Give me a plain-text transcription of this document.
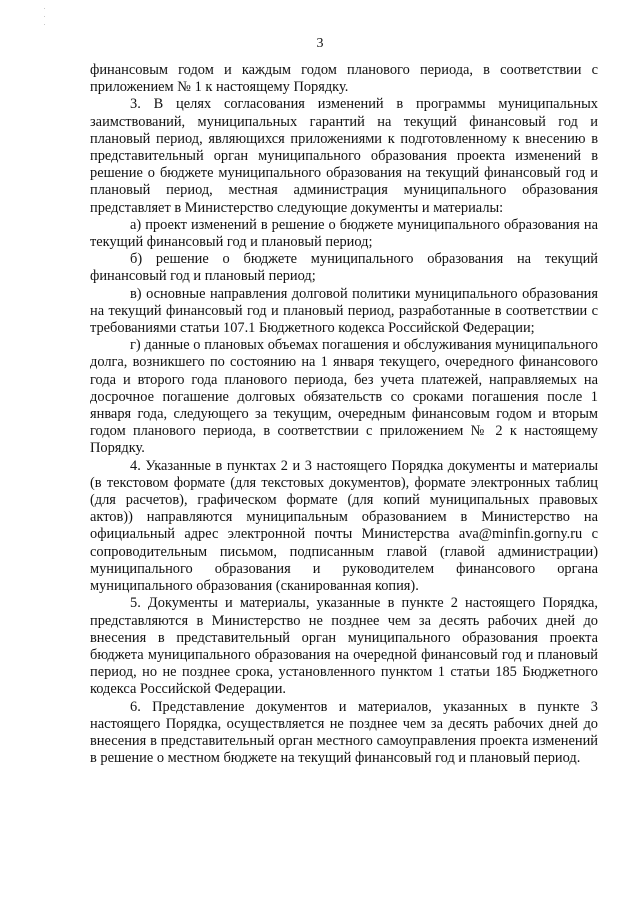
3

финансовым годом и каждым годом планового периода, в соответствии с приложением № 1 к настоящему Порядку.

3. В целях согласования изменений в программы муниципальных заимствований, муниципальных гарантий на текущий финансовый год и плановый период, являющихся приложениями к подготовленному к внесению в представительный орган муниципального образования проекта изменений в решение о бюджете муниципального образования на текущий финансовый год и плановый период, местная администрация муниципального образования представляет в Министерство следующие документы и материалы:

а) проект изменений в решение о бюджете муниципального образования на текущий финансовый год и плановый период;

б) решение о бюджете муниципального образования на текущий финансовый год и плановый период;

в) основные направления долговой политики муниципального образования на текущий финансовый год и плановый период, разработанные в соответствии с требованиями статьи 107.1 Бюджетного кодекса Российской Федерации;

г) данные о плановых объемах погашения и обслуживания муниципального долга, возникшего по состоянию на 1 января текущего, очередного финансового года и второго года планового периода, без учета платежей, направляемых на досрочное погашение долговых обязательств со сроками погашения после 1 января года, следующего за текущим, очередным финансовым годом и вторым годом планового периода, в соответствии с приложением № 2 к настоящему Порядку.

4. Указанные в пунктах 2 и 3 настоящего Порядка документы и материалы (в текстовом формате (для текстовых документов), формате электронных таблиц (для расчетов), графическом формате (для копий муниципальных правовых актов)) направляются муниципальным образованием в Министерство на официальный адрес электронной почты Министерства ava@minfin.gorny.ru с сопроводительным письмом, подписанным главой (главой администрации) муниципального образования и руководителем финансового органа муниципального образования (сканированная копия).

5. Документы и материалы, указанные в пункте 2 настоящего Порядка, представляются в Министерство не позднее чем за десять рабочих дней до внесения в представительный орган муниципального образования проекта бюджета муниципального образования на очередной финансовый год и плановый период, но не позднее срока, установленного пунктом 1 статьи 185 Бюджетного кодекса Российской Федерации.

6. Представление документов и материалов, указанных в пункте 3 настоящего Порядка, осуществляется не позднее чем за десять рабочих дней до внесения в представительный орган местного самоуправления проекта изменений в решение о местном бюджете на текущий финансовый год и плановый период.
